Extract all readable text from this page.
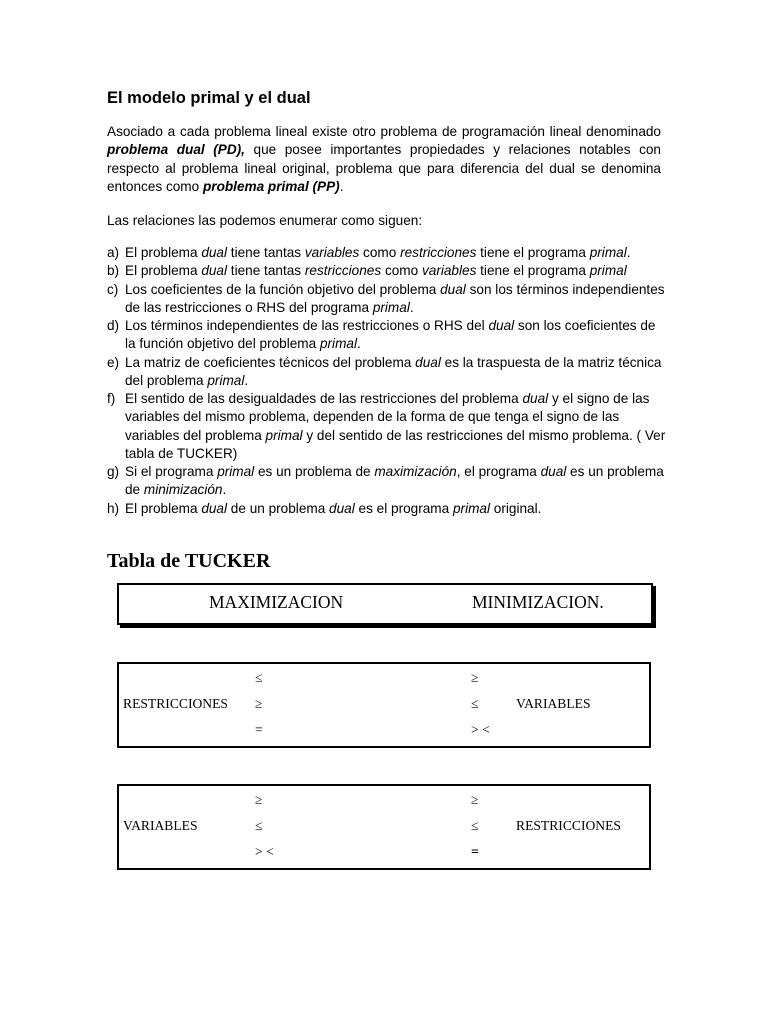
El modelo primal y el dual

Asociado a cada problema lineal existe otro problema de programación lineal denominado problema dual (PD), que posee importantes propiedades y relaciones notables con respecto al problema lineal original, problema que para diferencia del dual se denomina entonces como problema primal (PP).

Las relaciones las podemos enumerar como siguen:

a) El problema dual tiene tantas variables como restricciones tiene el programa primal.
b) El problema dual tiene tantas restricciones como variables tiene el programa primal
c) Los coeficientes de la función objetivo del problema dual son los términos independientes de las restricciones o RHS del programa primal.
d) Los términos independientes de las restricciones o RHS del dual son los coeficientes de la función objetivo del problema primal.
e) La matriz de coeficientes técnicos del problema dual es la traspuesta de la matriz técnica del problema primal.
f) El sentido de las desigualdades de las restricciones del problema dual y el signo de las variables del mismo problema, dependen de la forma de que tenga el signo de las variables del problema primal y del sentido de las restricciones del mismo problema. ( Ver tabla de TUCKER)
g) Si el programa primal es un problema de maximización, el programa dual es un problema de minimización.
h) El problema dual de un problema dual es el programa primal original.
Tabla de TUCKER
MAXIMIZACION	MINIMIZACION.
RESTRICCIONES
≤
≥
=
≥
≤
> <
VARIABLES
VARIABLES
≥
≤
> <
≥
≤
=
RESTRICCIONES
